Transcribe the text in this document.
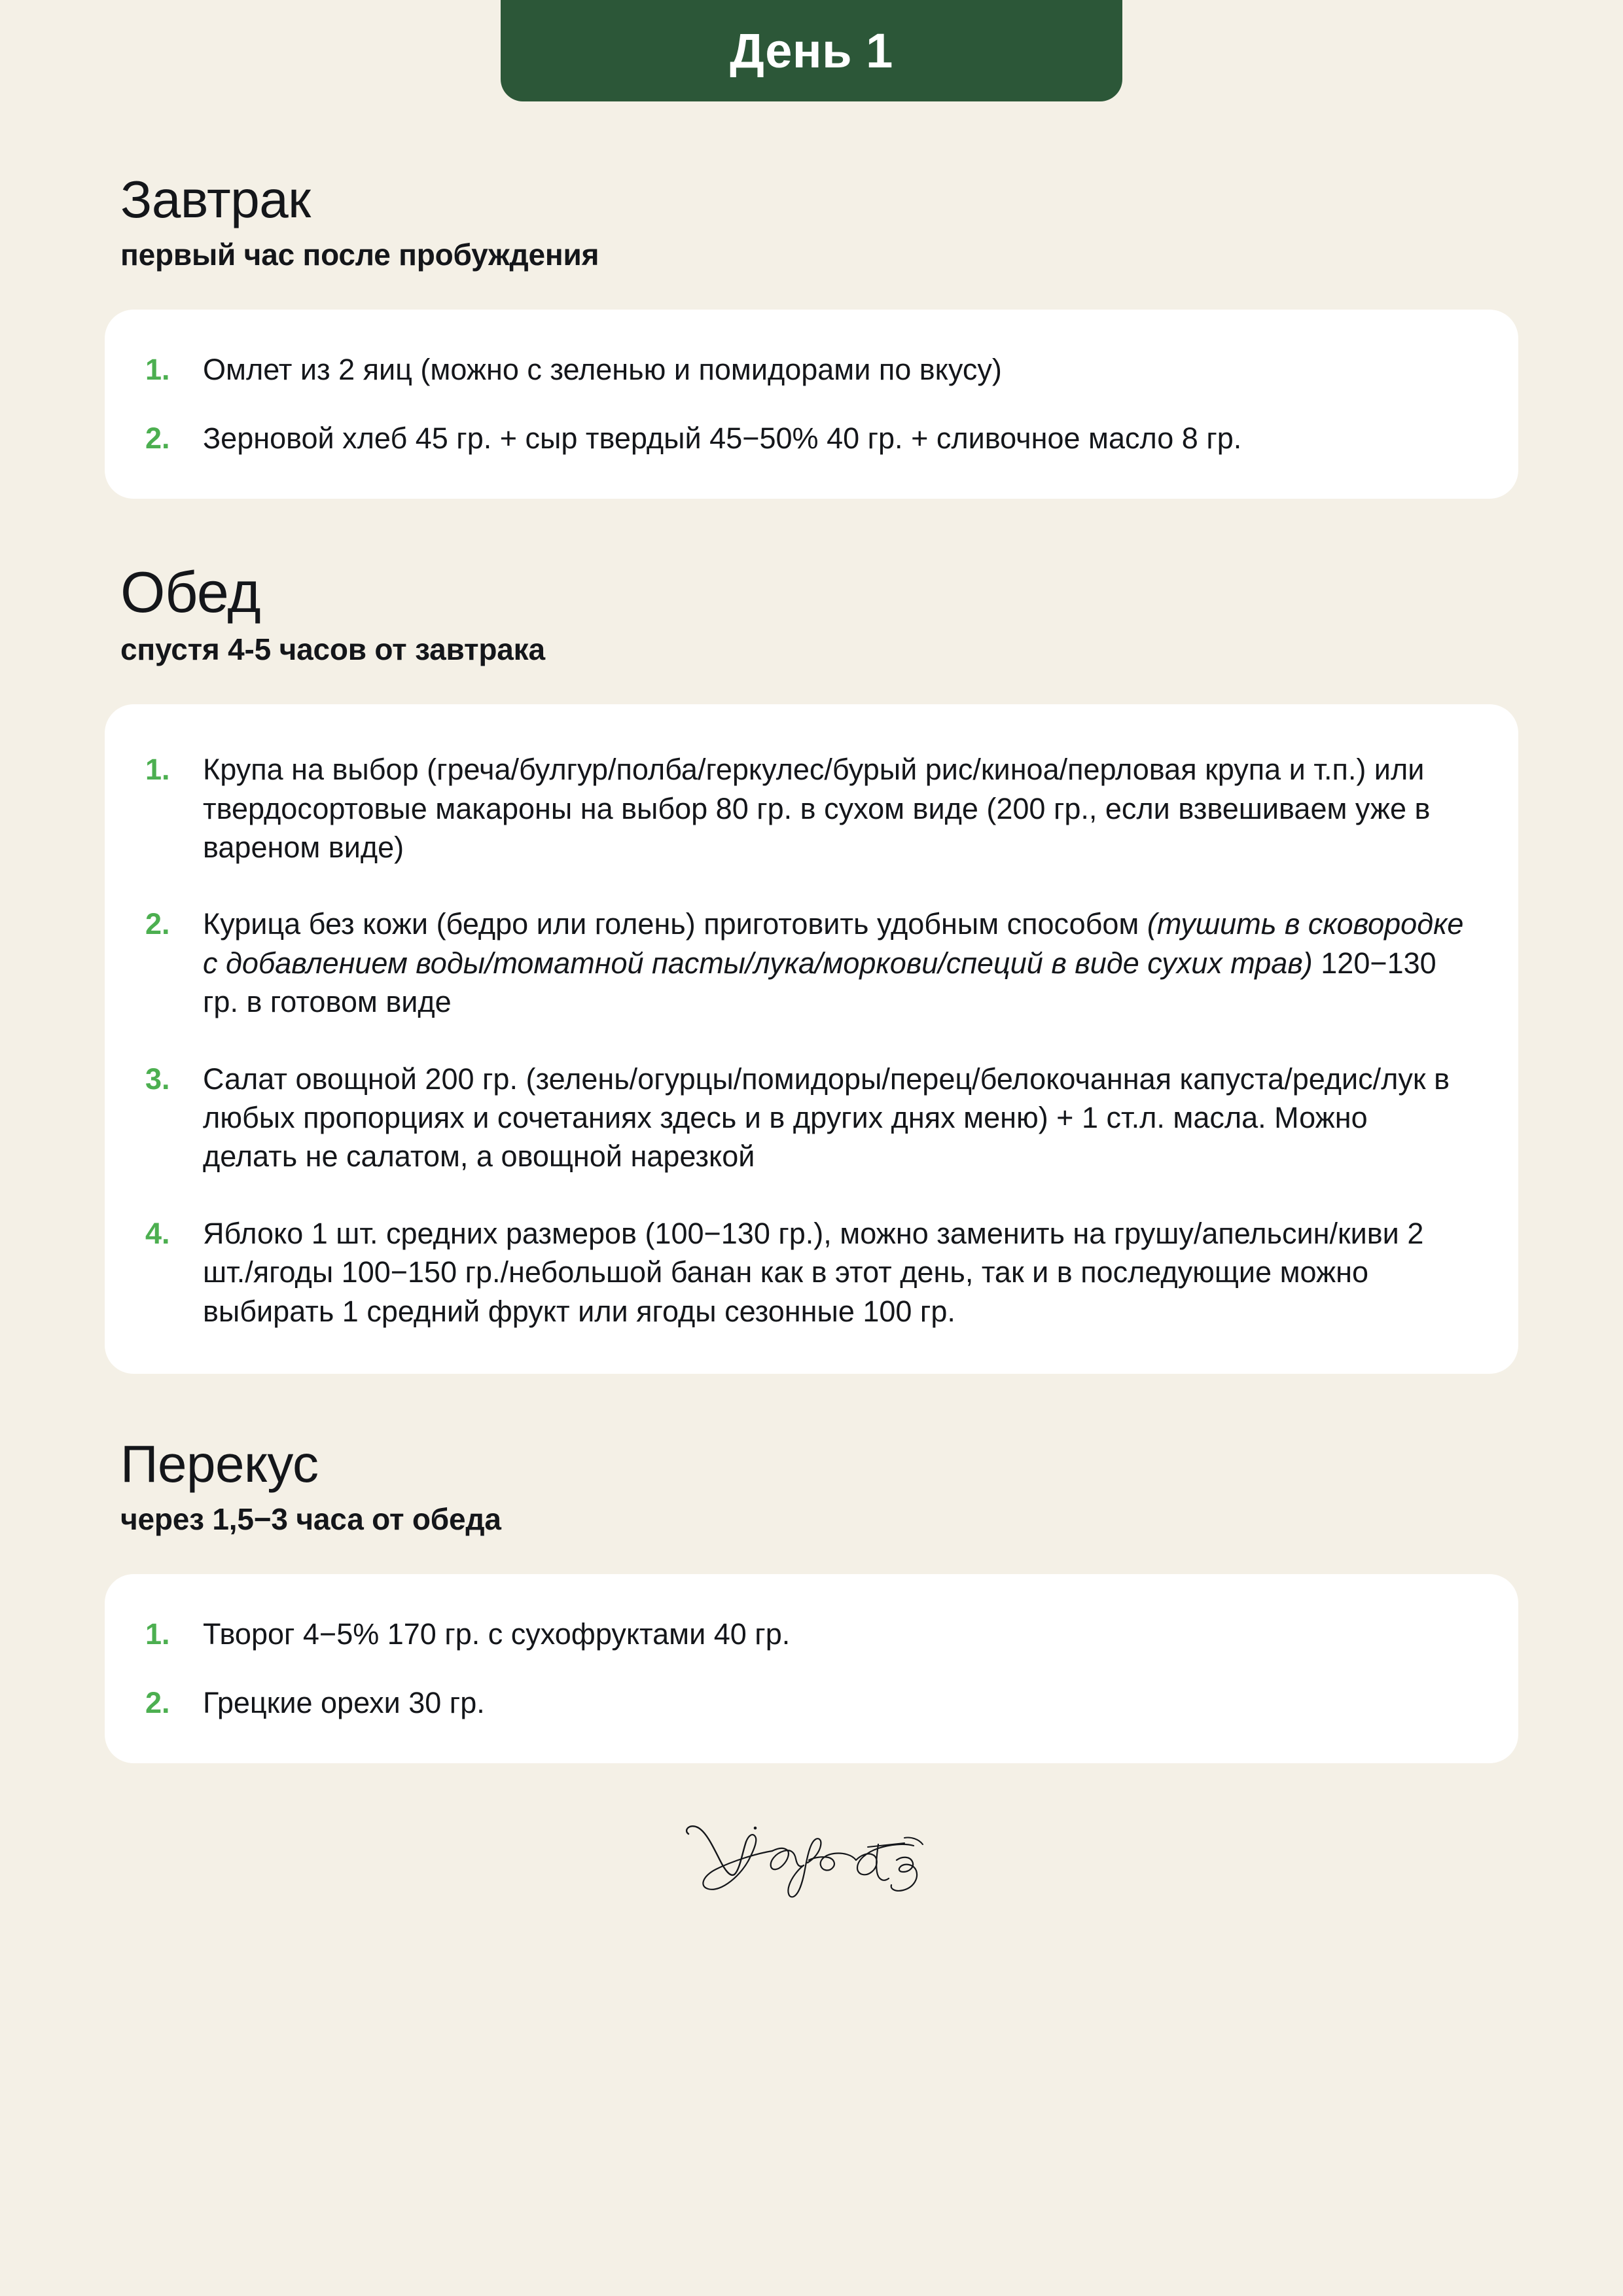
День 1
Завтрак

первый час после пробуждения

1.	Омлет из 2 яиц (можно с зеленью и помидорами по вкусу)
2.	Зерновой хлеб 45 гр. + сыр твердый 45−50% 40 гр. + сливочное масло 8 гр.
Обед

спустя 4-5 часов от завтрака

1.	Крупа на выбор (греча/булгур/полба/геркулес/бурый рис/киноа/перловая крупа и т.п.) или твердосортовые макароны на выбор 80 гр. в сухом виде (200 гр., если взвешиваем уже в вареном виде)
2.	Курица без кожи (бедро или голень) приготовить удобным способом (тушить в сковородке с добавлением воды/томатной пасты/лука/моркови/специй в виде сухих трав) 120−130 гр. в готовом виде
3.	Салат овощной 200 гр. (зелень/огурцы/помидоры/перец/белокочанная капуста/редис/лук в любых пропорциях и сочетаниях здесь и в других днях меню) + 1 ст.л. масла. Можно делать не салатом, а овощной нарезкой
4.	Яблоко 1 шт. средних размеров (100−130 гр.), можно заменить на грушу/апельсин/киви 2 шт./ягоды 100−150 гр./небольшой банан как в этот день, так и в последующие можно выбирать 1 средний фрукт или ягоды сезонные 100 гр.
Перекус

через 1,5−3 часа от обеда

1.	Творог 4−5% 170 гр. с сухофруктами 40 гр.
2.	Грецкие орехи 30 гр.
